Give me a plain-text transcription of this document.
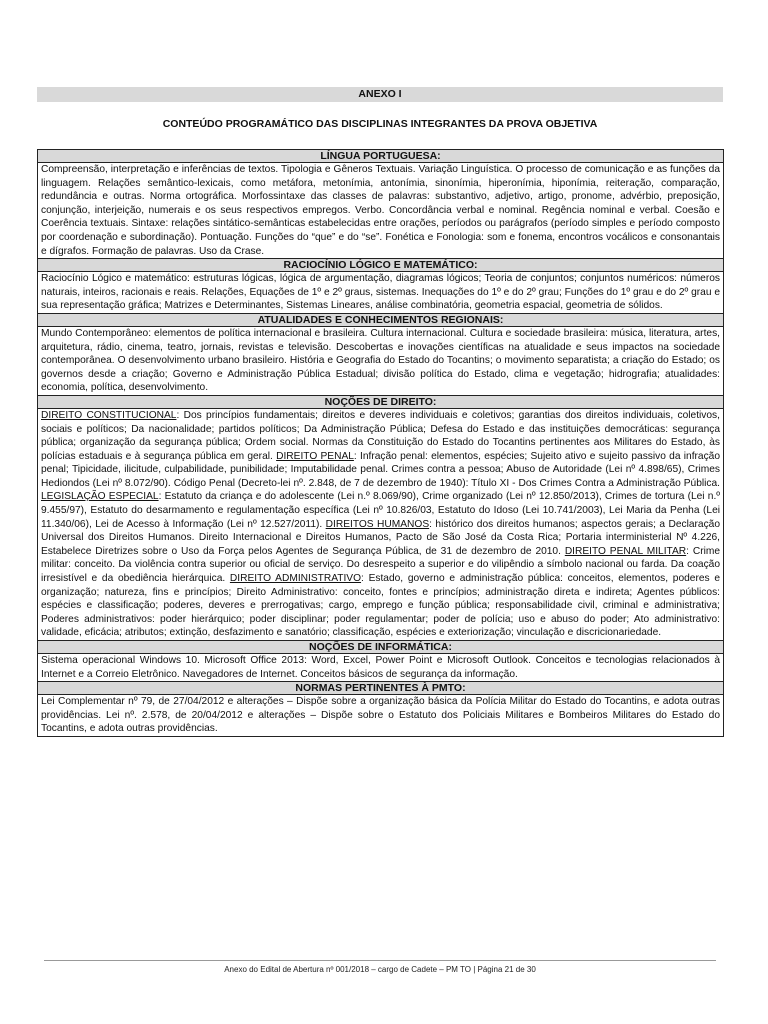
ANEXO I
CONTEÚDO PROGRAMÁTICO DAS DISCIPLINAS INTEGRANTES DA PROVA OBJETIVA
LÍNGUA PORTUGUESA:
Compreensão, interpretação e inferências de textos. Tipologia e Gêneros Textuais. Variação Linguística. O processo de comunicação e as funções da linguagem. Relações semântico-lexicais, como metáfora, metonímia, antonímia, sinonímia, hiperonímia, hiponímia, reiteração, comparação, redundância e outras. Norma ortográfica. Morfossintaxe das classes de palavras: substantivo, adjetivo, artigo, pronome, advérbio, preposição, conjunção, interjeição, numerais e os seus respectivos empregos. Verbo. Concordância verbal e nominal. Regência nominal e verbal. Coesão e Coerência textuais. Sintaxe: relações sintático-semânticas estabelecidas entre orações, períodos ou parágrafos (período simples e período composto por coordenação e subordinação). Pontuação. Funções do “que” e do “se”. Fonética e Fonologia: som e fonema, encontros vocálicos e consonantais e dígrafos. Formação de palavras. Uso da Crase.
RACIOCÍNIO LÓGICO E MATEMÁTICO:
Raciocínio Lógico e matemático: estruturas lógicas, lógica de argumentação, diagramas lógicos; Teoria de conjuntos; conjuntos numéricos: números naturais, inteiros, racionais e reais. Relações, Equações de 1º e 2º graus, sistemas. Inequações do 1º e do 2º grau; Funções do 1º grau e do 2º grau e sua representação gráfica; Matrizes e Determinantes, Sistemas Lineares, análise combinatória, geometria espacial, geometria de sólidos.
ATUALIDADES E CONHECIMENTOS REGIONAIS:
Mundo Contemporâneo: elementos de política internacional e brasileira. Cultura internacional. Cultura e sociedade brasileira: música, literatura, artes, arquitetura, rádio, cinema, teatro, jornais, revistas e televisão. Descobertas e inovações científicas na atualidade e seus impactos na sociedade contemporânea. O desenvolvimento urbano brasileiro. História e Geografia do Estado do Tocantins; o movimento separatista; a criação do Estado; os governos desde a criação; Governo e Administração Pública Estadual; divisão política do Estado, clima e vegetação; hidrografia; atualidades: economia, política, desenvolvimento.
NOÇÕES DE DIREITO:
DIREITO CONSTITUCIONAL: Dos princípios fundamentais; direitos e deveres individuais e coletivos; garantias dos direitos individuais, coletivos, sociais e políticos; Da nacionalidade; partidos políticos; Da Administração Pública; Defesa do Estado e das instituições democráticas: segurança pública; organização da segurança pública; Ordem social. Normas da Constituição do Estado do Tocantins pertinentes aos Militares do Estado, às polícias estaduais e à segurança pública em geral. DIREITO PENAL: Infração penal: elementos, espécies; Sujeito ativo e sujeito passivo da infração penal; Tipicidade, ilicitude, culpabilidade, punibilidade; Imputabilidade penal. Crimes contra a pessoa; Abuso de Autoridade (Lei nº 4.898/65), Crimes Hediondos (Lei nº 8.072/90). Código Penal (Decreto-lei nº. 2.848, de 7 de dezembro de 1940): Título XI - Dos Crimes Contra a Administração Pública. LEGISLAÇÃO ESPECIAL: Estatuto da criança e do adolescente (Lei n.º 8.069/90), Crime organizado (Lei nº 12.850/2013), Crimes de tortura (Lei n.º 9.455/97), Estatuto do desarmamento e regulamentação específica (Lei nº 10.826/03, Estatuto do Idoso (Lei 10.741/2003), Lei Maria da Penha (Lei 11.340/06), Lei de Acesso à Informação (Lei nº 12.527/2011). DIREITOS HUMANOS: histórico dos direitos humanos; aspectos gerais; a Declaração Universal dos Direitos Humanos. Direito Internacional e Direitos Humanos, Pacto de São José da Costa Rica; Portaria interministerial Nº 4.226, Estabelece Diretrizes sobre o Uso da Força pelos Agentes de Segurança Pública, de 31 de dezembro de 2010. DIREITO PENAL MILITAR: Crime militar: conceito. Da violência contra superior ou oficial de serviço. Do desrespeito a superior e do vilipêndio a símbolo nacional ou farda. Da coação irresistível e da obediência hierárquica. DIREITO ADMINISTRATIVO: Estado, governo e administração pública: conceitos, elementos, poderes e organização; natureza, fins e princípios; Direito Administrativo: conceito, fontes e princípios; administração direta e indireta; Agentes públicos: espécies e classificação; poderes, deveres e prerrogativas; cargo, emprego e função pública; responsabilidade civil, criminal e administrativa; Poderes administrativos: poder hierárquico; poder disciplinar; poder regulamentar; poder de polícia; uso e abuso do poder; Ato administrativo: validade, eficácia; atributos; extinção, desfazimento e sanatório; classificação, espécies e exteriorização; vinculação e discricionariedade.
NOÇÕES DE INFORMÁTICA:
Sistema operacional Windows 10. Microsoft Office 2013: Word, Excel, Power Point e Microsoft Outlook. Conceitos e tecnologias relacionados à Internet e a Correio Eletrônico. Navegadores de Internet. Conceitos básicos de segurança da informação.
NORMAS PERTINENTES À PMTO:
Lei Complementar nº 79, de 27/04/2012 e alterações – Dispõe sobre a organização básica da Polícia Militar do Estado do Tocantins, e adota outras providências. Lei nº. 2.578, de 20/04/2012 e alterações – Dispõe sobre o Estatuto dos Policiais Militares e Bombeiros Militares do Estado do Tocantins, e adota outras providências.
Anexo do Edital de Abertura nº 001/2018 – cargo de Cadete – PM TO | Página 21 de 30
